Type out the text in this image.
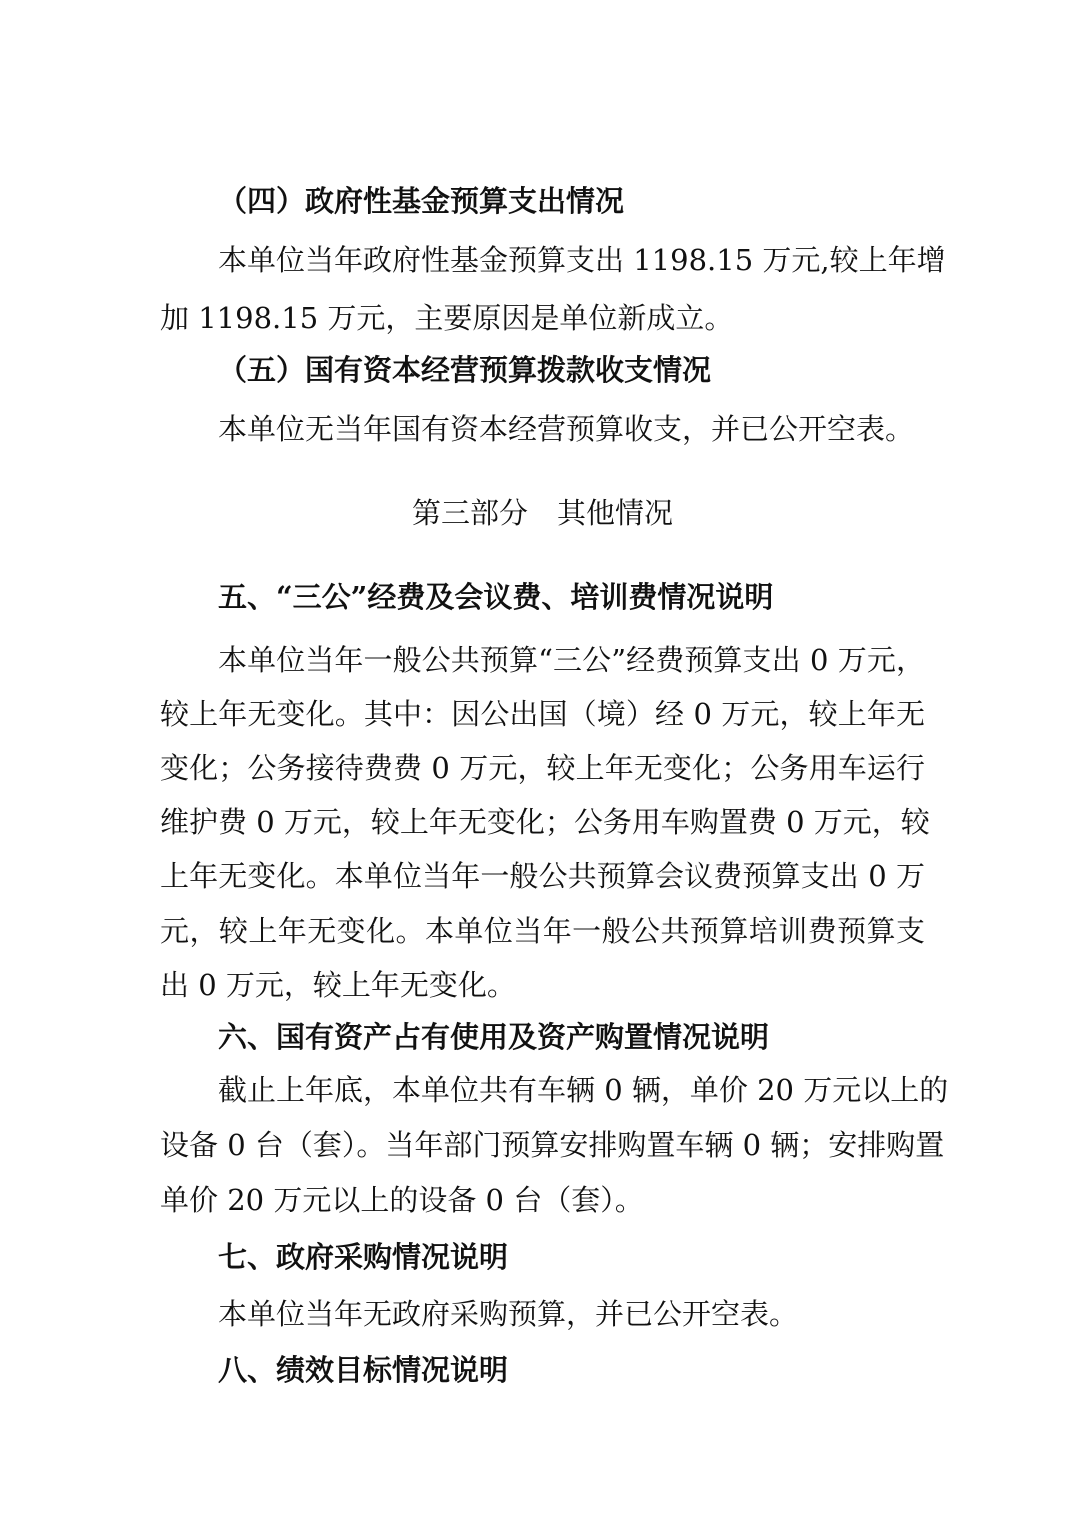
（四）政府性基金预算支出情况
本单位当年政府性基金预算支出 1198.15 万元,较上年增
加 1198.15 万元，主要原因是单位新成立。
（五）国有资本经营预算拨款收支情况
本单位无当年国有资本经营预算收支，并已公开空表。
第三部分　其他情况
五、“三公”经费及会议费、培训费情况说明
本单位当年一般公共预算“三公”经费预算支出 0 万元，
较上年无变化。其中：因公出国（境）经 0 万元，较上年无
变化；公务接待费费 0 万元，较上年无变化；公务用车运行
维护费 0 万元，较上年无变化；公务用车购置费 0 万元，较
上年无变化。本单位当年一般公共预算会议费预算支出 0 万
元，较上年无变化。本单位当年一般公共预算培训费预算支
出 0 万元，较上年无变化。
六、国有资产占有使用及资产购置情况说明
截止上年底，本单位共有车辆 0 辆，单价 20 万元以上的
设备 0 台（套）。当年部门预算安排购置车辆 0 辆；安排购置
单价 20 万元以上的设备 0 台（套）。
七、政府采购情况说明
本单位当年无政府采购预算，并已公开空表。
八、绩效目标情况说明
